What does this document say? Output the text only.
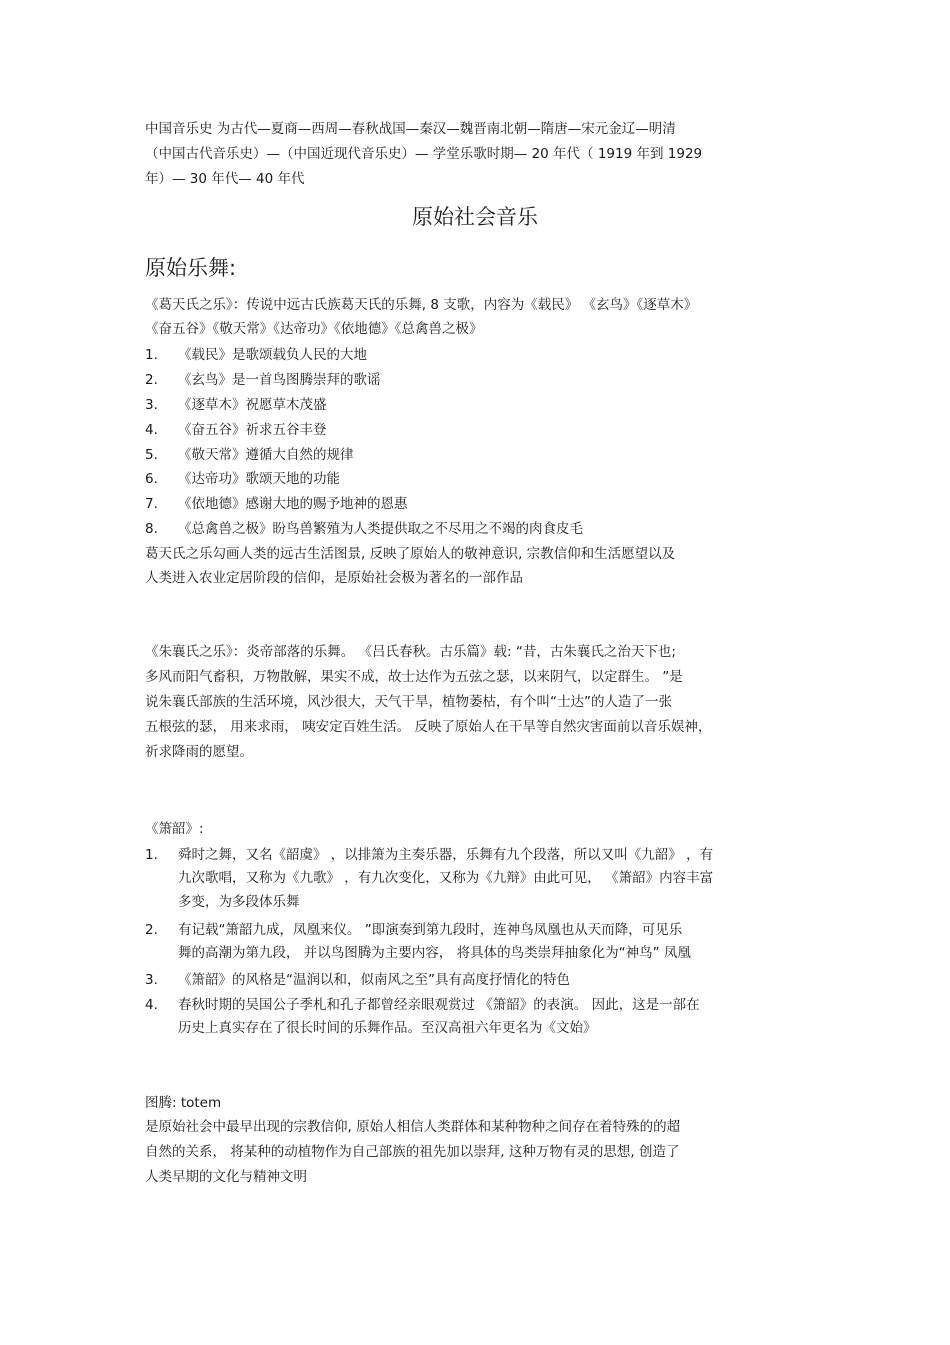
中国音乐史 为古代—夏商—西周—春秋战国—秦汉—魏晋南北朝—隋唐—宋元金辽—明清
（中国古代音乐史）—（中国近现代音乐史）— 学堂乐歌时期— 20 年代（ 1919 年到 1929
年）— 30 年代— 40 年代
原始社会音乐
原始乐舞:
《葛天氏之乐》：传说中远古氏族葛天氏的乐舞, 8 支歌，内容为《载民》 《玄鸟》《逐草木》
《奋五谷》《敬天常》《达帝功》《依地德》《总禽兽之极》
1. 《载民》是歌颂载负人民的大地
2. 《玄鸟》是一首鸟图腾崇拜的歌谣
3. 《逐草木》祝愿草木茂盛
4. 《奋五谷》祈求五谷丰登
5. 《敬天常》遵循大自然的规律
6. 《达帝功》歌颂天地的功能
7. 《依地德》感谢大地的赐予地神的恩惠
8. 《总禽兽之极》盼鸟兽繁殖为人类提供取之不尽用之不竭的肉食皮毛
葛天氏之乐勾画人类的远古生活图景, 反映了原始人的敬神意识, 宗教信仰和生活愿望以及
人类进入农业定居阶段的信仰，是原始社会极为著名的一部作品
《朱襄氏之乐》：炎帝部落的乐舞。 《吕氏春秋。古乐篇》载: “昔，古朱襄氏之治天下也;
多风而阳气畜积，万物散解，果实不成，故士达作为五弦之瑟，以来阴气，以定群生。 ”是
说朱襄氏部族的生活环境，风沙很大，天气干旱，植物萎枯，有个叫“士达”的人造了一张
五根弦的瑟， 用来求雨， 咦安定百姓生活。 反映了原始人在干旱等自然灾害面前以音乐娱神，
祈求降雨的愿望。
《箫韶》:
1. 舜时之舞，又名《韶虞》 ，以排箫为主奏乐器，乐舞有九个段落，所以又叫《九韶》 ，有
九次歌唱，又称为《九歌》 ，有九次变化，又称为《九辩》由此可见， 《箫韶》内容丰富
多变，为多段体乐舞
2. 有记载“箫韶九成，凤凰来仪。 ”即演奏到第九段时，连神鸟凤凰也从天而降，可见乐
舞的高潮为第九段， 并以鸟图腾为主要内容， 将具体的鸟类崇拜抽象化为“神鸟” 凤凰
3. 《箫韶》的风格是“温润以和，似南风之至”具有高度抒情化的特色
4. 春秋时期的吴国公子季札和孔子都曾经亲眼观赏过 《箫韶》的表演。 因此，这是一部在
历史上真实存在了很长时间的乐舞作品。至汉高祖六年更名为《文始》
图腾: totem
是原始社会中最早出现的宗教信仰, 原始人相信人类群体和某种物种之间存在着特殊的的超
自然的关系， 将某种的动植物作为自己部族的祖先加以崇拜, 这种万物有灵的思想, 创造了
人类早期的文化与精神文明
